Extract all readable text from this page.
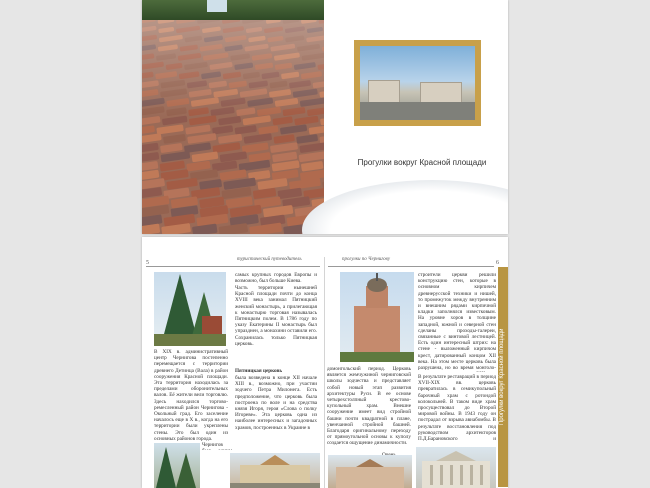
Прогулки вокруг Красной площади
5
туристический путеводитель
В XIX в. административный центр Чернигова постепенно перемещается с территории древнего Детинца (Вала) в район сооружения Красной площади. Эта территория находилась за пределами оборонительных валов. Её жители вели торговлю. Здесь находился торгово-ремесленный район Чернигова - Окольный град. Его заселение началось еще в X в., когда на его территории были укреплены стены. Это был один из основных районов города.
Чернигов
самых крупных городов Европы и возможно, был больше Киева.
Часть территории нынешней Красной площади почти до конца XVIII века занимал Пятницкий женский монастырь, а прилегающая к монастырю торговая называлась Пятницким полем. В 1786 году по указу Екатерины II монастырь был упразднен, а монахини оставили его. Сохранилась только Пятницкая церковь.
Пятницкая церковь
была возведена в конце XII начале XIII в., возможно, при участии зодчего Петра Милонега. Есть предположение, что церковь была построена по воле и на средства князя Игоря, героя «Слова о полку Игореве». Эта церковь одна из наиболее интересных и загадочных храмов, построенных в Украине в
прогулки по Чернигову
6
домонгольский период. Церковь является жемчужиной черниговской школы зодчества и представляет собой новый этап развития архитектуры Руси. В ее основе четырехстолпный крестово-купольный храм. Внешне сооружение имеет вид стройной башни почти квадратной в плане, увенчанной стройной башней. Благодаря оригинальному переходу от прямоугольной основы к куполу создается ощущение динамичности.
строители церкви решили конструкцию стен, которые в основном кирпичем древнерусской техники и нишей, то промежуток между внутренним и внешним рядами кирпичной кладки заполнялся известковым. На уровне хоров в толщине западной, южной и северной стен сделаны проходы-галереи, связанные с винтовой лестницей. Есть один интересный штрих: на стене - выложенный кирпичом крест, датированный концом XII века. На этом месте церковь была разрушена, но во время монголо-
В результате реставраций в период XVII-XIX вв. церковь превратилась в семикупольный барочный храм с ротондой колокольней. В таком виде храм просуществовал до Второй мировой войны. В 1943 году он пострадал от взрыва авиабомбы. В результате восстановления под руководством архитекторов П.Д.Барановского и
Прогулки вокруг Красной площади
